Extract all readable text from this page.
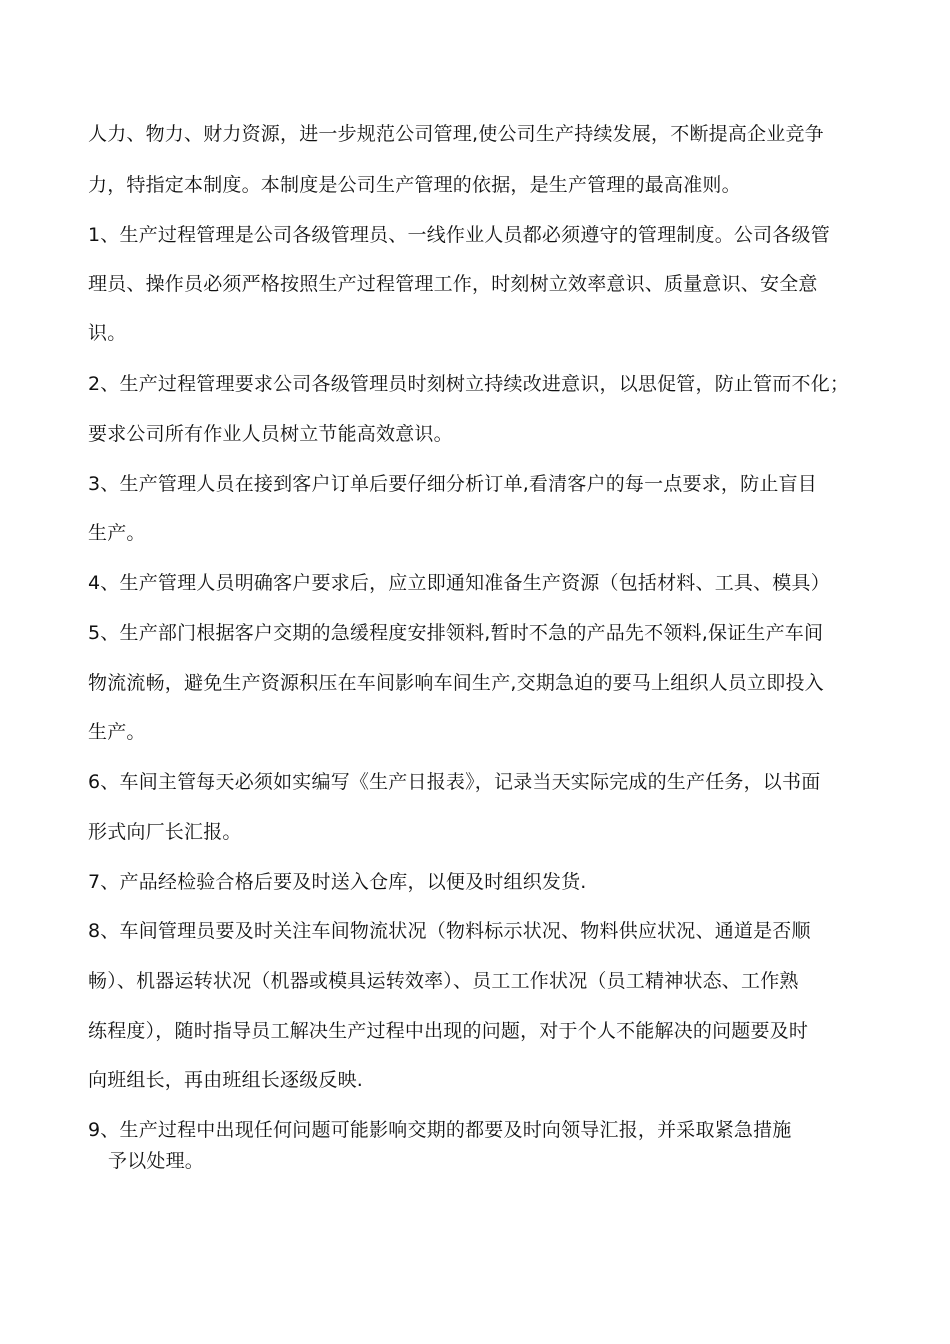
人力、物力、财力资源，进一步规范公司管理,使公司生产持续发展，不断提高企业竞争
力，特指定本制度。本制度是公司生产管理的依据，是生产管理的最高准则。
1、生产过程管理是公司各级管理员、一线作业人员都必须遵守的管理制度。公司各级管
理员、操作员必须严格按照生产过程管理工作，时刻树立效率意识、质量意识、安全意
识。
2、生产过程管理要求公司各级管理员时刻树立持续改进意识，以思促管，防止管而不化；
要求公司所有作业人员树立节能高效意识。
3、生产管理人员在接到客户订单后要仔细分析订单,看清客户的每一点要求，防止盲目
生产。
4、生产管理人员明确客户要求后，应立即通知准备生产资源（包括材料、工具、模具）
5、生产部门根据客户交期的急缓程度安排领料,暂时不急的产品先不领料,保证生产车间
物流流畅，避免生产资源积压在车间影响车间生产,交期急迫的要马上组织人员立即投入
生产。
6、车间主管每天必须如实编写《生产日报表》，记录当天实际完成的生产任务，以书面
形式向厂长汇报。
7、产品经检验合格后要及时送入仓库，以便及时组织发货.
8、车间管理员要及时关注车间物流状况（物料标示状况、物料供应状况、通道是否顺
畅）、机器运转状况（机器或模具运转效率）、员工工作状况（员工精神状态、工作熟
练程度），随时指导员工解决生产过程中出现的问题，对于个人不能解决的问题要及时
向班组长，再由班组长逐级反映.
9、生产过程中出现任何问题可能影响交期的都要及时向领导汇报，并采取紧急措施
予以处理。
